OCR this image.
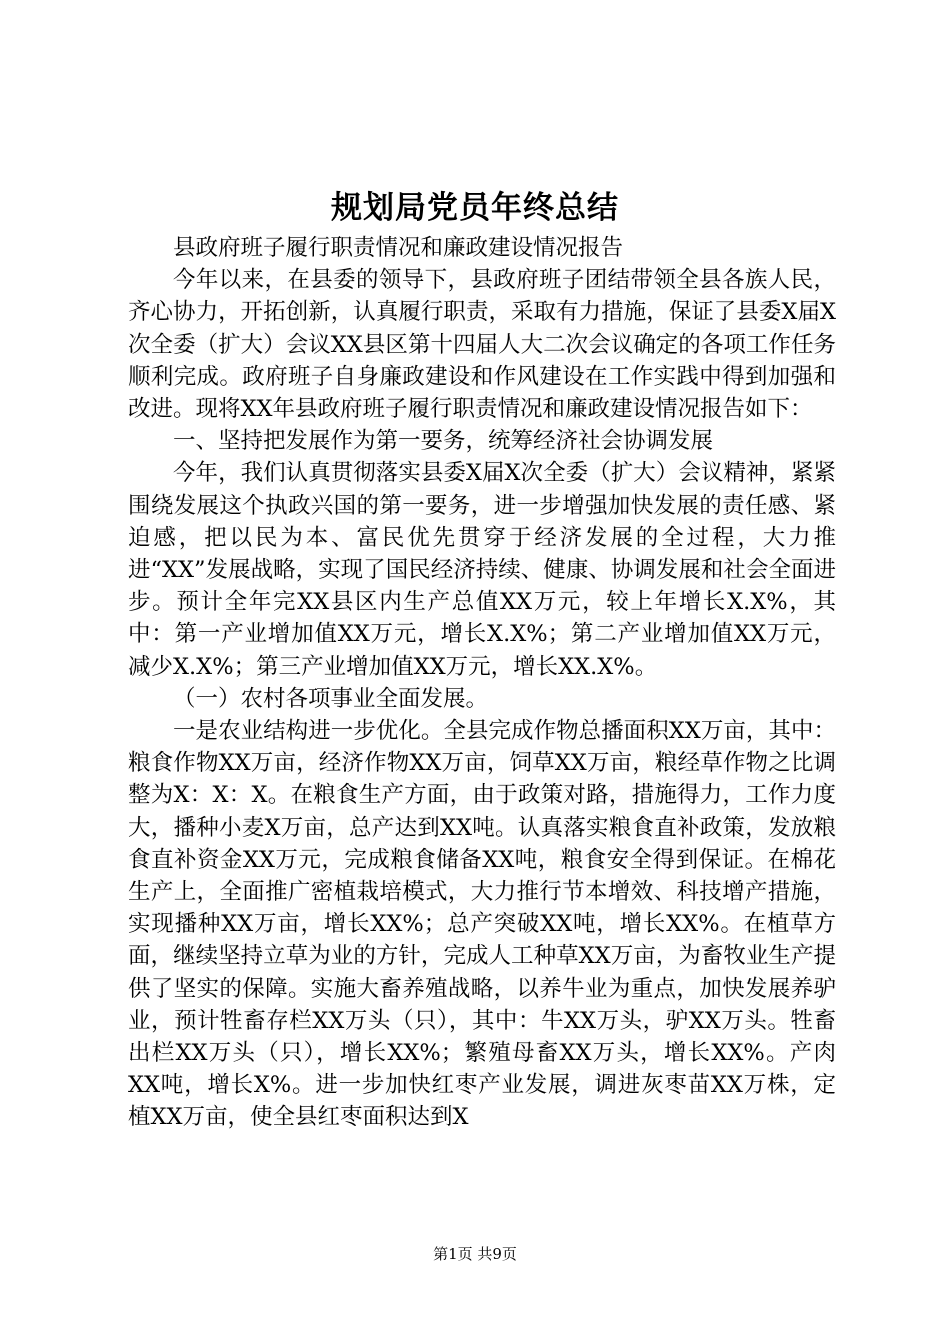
规划局党员年终总结

县政府班子履行职责情况和廉政建设情况报告

今年以来，在县委的领导下，县政府班子团结带领全县各族人民，齐心协力，开拓创新，认真履行职责，采取有力措施，保证了县委X届X次全委（扩大）会议XX县区第十四届人大二次会议确定的各项工作任务顺利完成。政府班子自身廉政建设和作风建设在工作实践中得到加强和改进。现将XX年县政府班子履行职责情况和廉政建设情况报告如下：

一、坚持把发展作为第一要务，统筹经济社会协调发展

今年，我们认真贯彻落实县委X届X次全委（扩大）会议精神，紧紧围绕发展这个执政兴国的第一要务，进一步增强加快发展的责任感、紧迫感，把以民为本、富民优先贯穿于经济发展的全过程，大力推进“XX”发展战略，实现了国民经济持续、健康、协调发展和社会全面进步。预计全年完XX县区内生产总值XX万元，较上年增长X.X%，其中：第一产业增加值XX万元，增长X.X%；第二产业增加值XX万元，减少X.X%；第三产业增加值XX万元，增长XX.X%。

（一）农村各项事业全面发展。

一是农业结构进一步优化。全县完成作物总播面积XX万亩，其中：粮食作物XX万亩，经济作物XX万亩，饲草XX万亩，粮经草作物之比调整为X：X：X。在粮食生产方面，由于政策对路，措施得力，工作力度大，播种小麦X万亩，总产达到XX吨。认真落实粮食直补政策，发放粮食直补资金XX万元，完成粮食储备XX吨，粮食安全得到保证。在棉花生产上，全面推广密植栽培模式，大力推行节本增效、科技增产措施，实现播种XX万亩，增长XX%；总产突破XX吨，增长XX%。在植草方面，继续坚持立草为业的方针，完成人工种草XX万亩，为畜牧业生产提供了坚实的保障。实施大畜养殖战略，以养牛业为重点，加快发展养驴业，预计牲畜存栏XX万头（只），其中：牛XX万头，驴XX万头。牲畜出栏XX万头（只），增长XX%；繁殖母畜XX万头，增长XX%。产肉XX吨，增长X%。进一步加快红枣产业发展，调进灰枣苗XX万株，定植XX万亩，使全县红枣面积达到X

第1页 共9页
